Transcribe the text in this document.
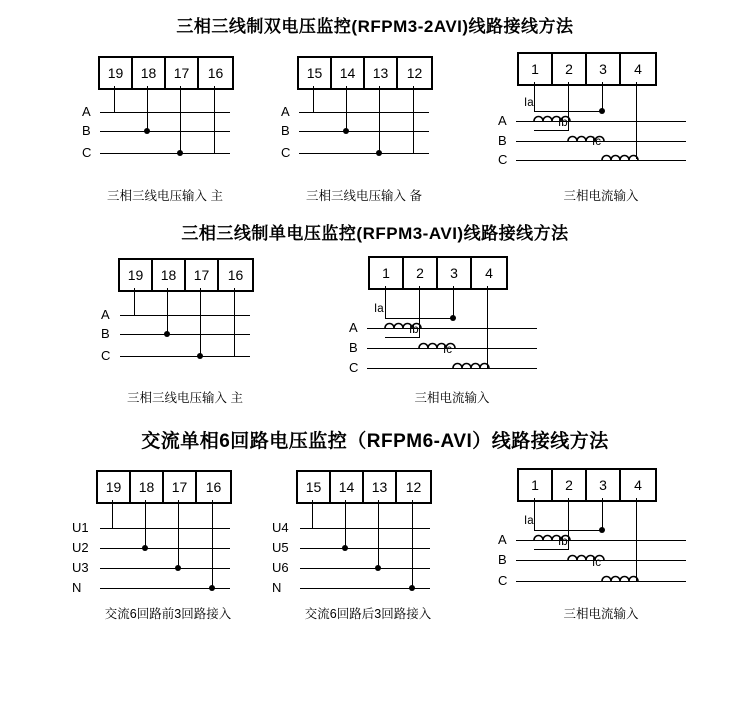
三相三线制双电压监控(RFPM3-2AVI)线路接线方法
19	18	17	16
A
B
C
三相三线电压输入 主
15	14	13	12
A
B
C
三相三线电压输入 备
1	2	3	4
Ia
Ib
Ic
A
B
C
三相电流输入
三相三线制单电压监控(RFPM3-AVI)线路接线方法
19	18	17	16
A
B
C
三相三线电压输入 主
1	2	3	4
Ia
Ib
Ic
A
B
C
三相电流输入
交流单相6回路电压监控（RFPM6-AVI）线路接线方法
19	18	17	16
U1
U2
U3
N
交流6回路前3回路接入
15	14	13	12
U4
U5
U6
N
交流6回路后3回路接入
1	2	3	4
Ia
Ib
Ic
A
B
C
三相电流输入
